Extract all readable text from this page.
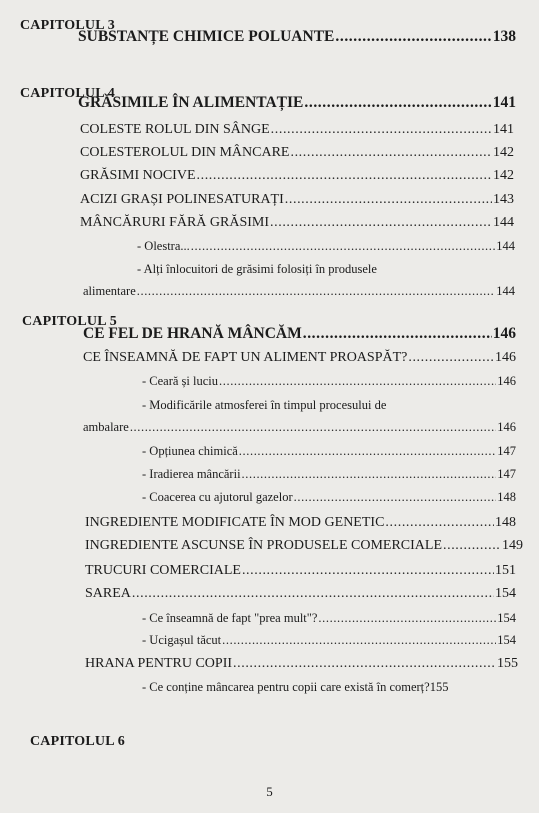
CAPITOLUL 3
SUBSTANȚE CHIMICE POLUANTE .....	138
CAPITOLUL 4
GRĂSIMILE ÎN ALIMENTAȚIE .....	141
COLESTE ROLUL DIN SÂNGE .....	141
COLESTEROLUL DIN MÂNCARE .....	142
GRĂSIMI NOCIVE .....	142
ACIZI GRAȘI POLINESATURAȚI .....	143
MÂNCĂRURI FĂRĂ GRĂSIMI .....	144
- Olestra... .....	144
- Alți înlocuitori de grăsimi folosiți în produsele
alimentare .....	144
CAPITOLUL 5
CE FEL DE HRANĂ MÂNCĂM .....	146
CE ÎNSEAMNĂ DE FAPT UN ALIMENT PROASPĂT? .....	146
- Ceară și luciu .....	146
- Modificările atmosferei în timpul procesului de
ambalare .....	146
- Opțiunea chimică .....	147
- Iradierea mâncării .....	147
- Coacerea cu ajutorul gazelor .....	148
INGREDIENTE MODIFICATE ÎN MOD GENETIC .....	148
INGREDIENTE ASCUNSE ÎN PRODUSELE COMERCIALE .....	149
TRUCURI COMERCIALE .....	151
SAREA .....	154
- Ce înseamnă de fapt "prea mult"? .....	154
- Ucigașul tăcut .....	154
HRANA PENTRU COPII .....	155
- Ce conține mâncarea pentru copii care există în comerț? 155
CAPITOLUL 6
5
